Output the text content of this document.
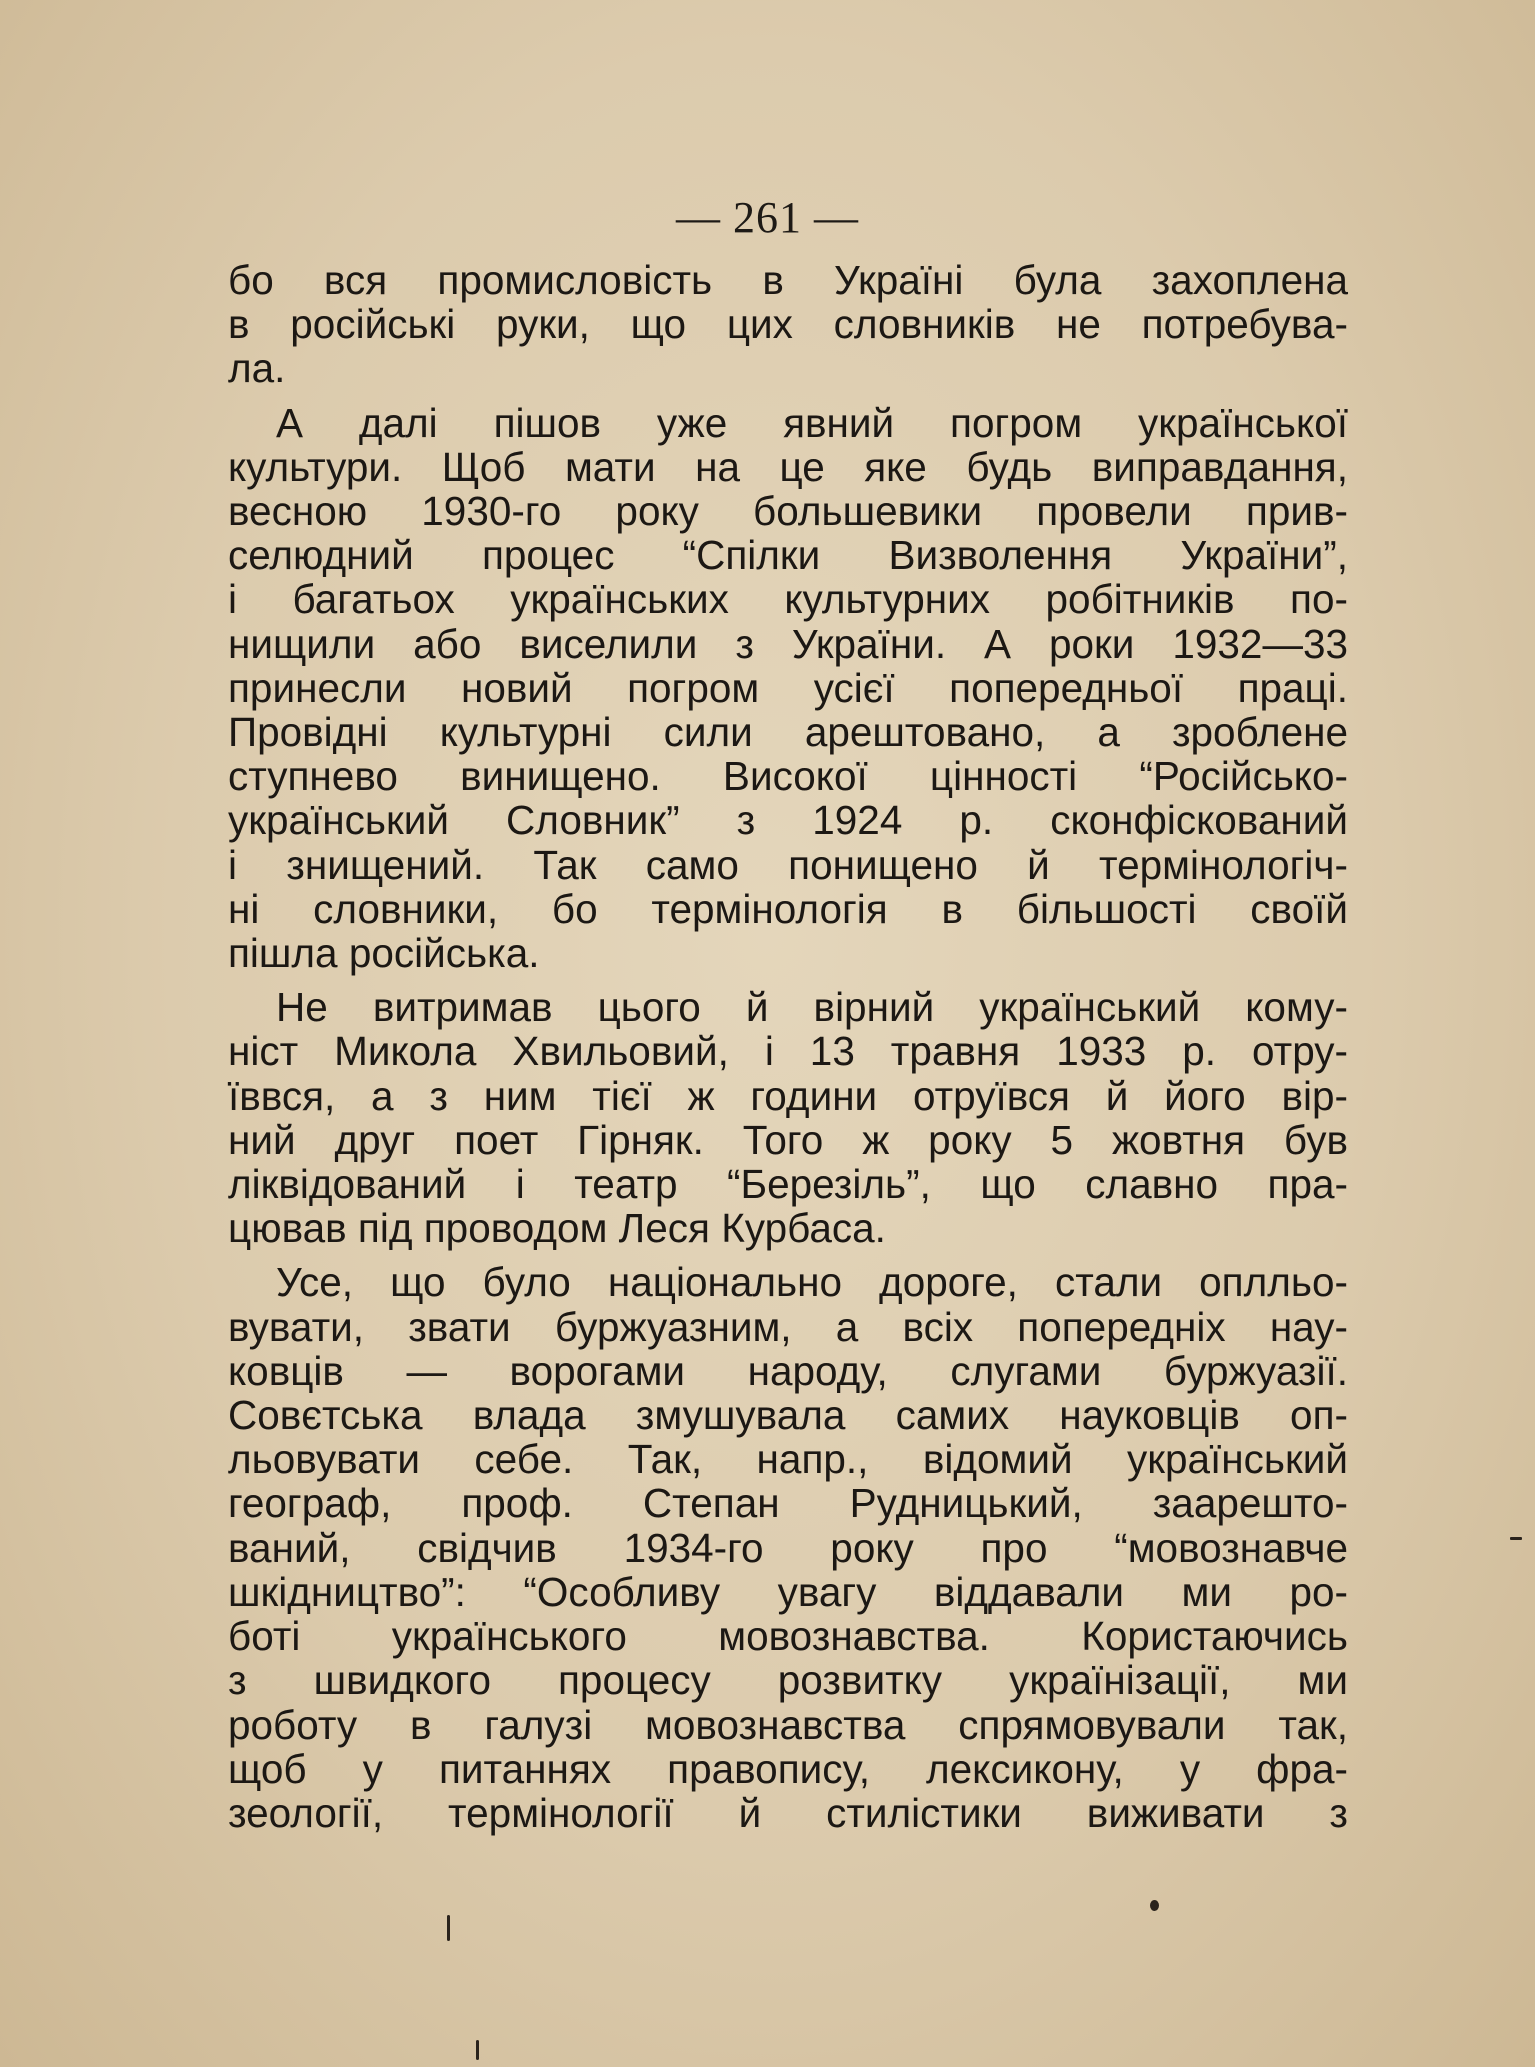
— 261 —
бо вся промисловість в Україні була захоплена
в російські руки, що цих словників не потребува-
ла.
А далі пішов уже явний погром української
культури. Щоб мати на це яке будь виправдання,
весною 1930-го року большевики провели прив-
селюдний процес “Спілки Визволення України”,
і багатьох українських культурних робітників по-
нищили або виселили з України. А роки 1932—33
принесли новий погром усієї попередньої праці.
Провідні культурні сили арештовано, а зроблене
ступнево винищено. Високої цінності “Російсько-
український Словник” з 1924 р. сконфіскований
і знищений. Так само понищено й термінологіч-
ні словники, бо термінологія в більшості своїй
пішла російська.
Не витримав цього й вірний український кому-
ніст Микола Хвильовий, і 13 травня 1933 р. отру-
їввся, а з ним тієї ж години отруївся й його вір-
ний друг поет Гірняк. Того ж року 5 жовтня був
ліквідований і театр “Березіль”, що славно пра-
цював під проводом Леся Курбаса.
Усе, що було національно дороге, стали оплльо-
вувати, звати буржуазним, а всіх попередніх нау-
ковців — ворогами народу, слугами буржуазії.
Совєтська влада змушувала самих науковців оп-
льовувати себе. Так, напр., відомий український
географ, проф. Степан Рудницький, заарешто-
ваний, свідчив 1934-го року про “мовознавче
шкідництво”: “Особливу увагу віддавали ми ро-
боті українського мовознавства. Користаючись
з швидкого процесу розвитку українізації, ми
роботу в галузі мовознавства спрямовували так,
щоб у питаннях правопису, лексикону, у фра-
зеології, термінології й стилістики виживати з
